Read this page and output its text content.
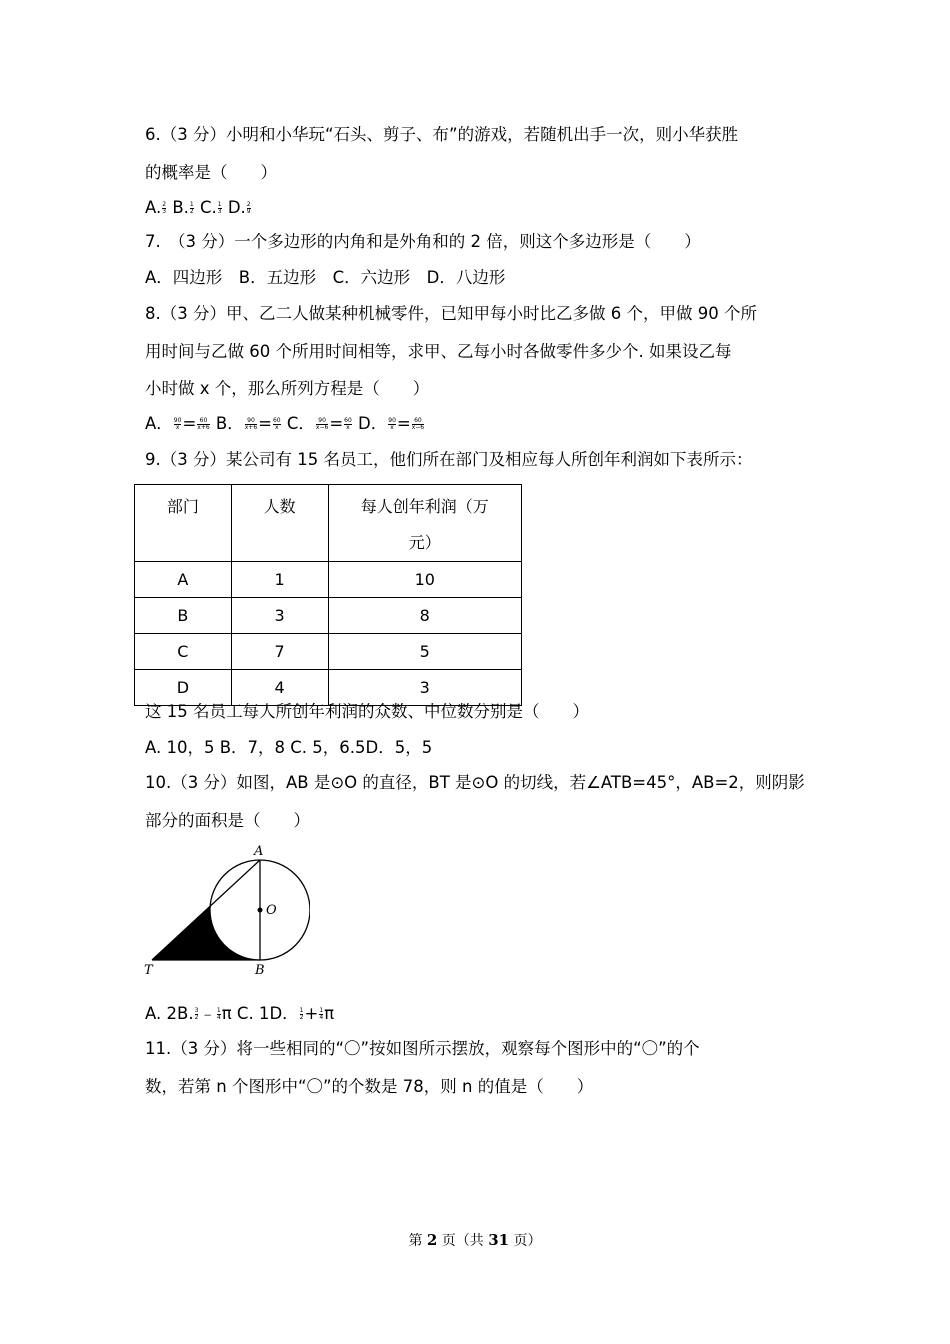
6.（3 分）小明和小华玩“石头、剪子、布”的游戏，若随机出手一次，则小华获胜
的概率是（　　）
A. $\frac{2}{3} B$. $\frac{1}{2} C$. $\frac{1}{3} D$. $\frac{2}{9}$
7.　（3 分）一个多边形的内角和是外角和的 2 倍，则这个多边形是（　　）
A．四边形　B．五边形　C．六边形　D．八边形
8.（3 分）甲、乙二人做某种机械零件，已知甲每小时比乙多做 6 个，甲做 90 个所
用时间与乙做 60 个所用时间相等，求甲、乙每小时各做零件多少个. 如果设乙每
小时做 x 个，那么所列方程是（　　）
A． $\frac{90}{x} = \frac{60}{x+6}$ B． $\frac{90}{x+6} = \frac{60}{x}$ C． $\frac{90}{x-6} = \frac{60}{x}$ D． $\frac{90}{x} = \frac{60}{x-6}$
9.（3 分）某公司有 15 名员工，他们所在部门及相应每人所创年利润如下表所示：
部门	人数	每人创年利润（万
元）
A	1	10
B	3	8
C	7	5
D	4	3
这 15 名员工每人所创年利润的众数、中位数分别是（　　）
A. 10，5 B．7，8 C. 5，6.5D．5，5
10.（3 分）如图，AB 是⊙O 的直径，BT 是⊙O 的切线，若∠ATB=45°，AB=2，则阴影
部分的面积是（　　）
A
O
B
T
A. 2B. $\frac{3}{2}$ ﹣ $\frac{1}{4}$ π C. 1D． $\frac{1}{2} + \frac{1}{4}$ π
11.（3 分）将一些相同的“〇”按如图所示摆放，观察每个图形中的“〇”的个
数，若第 n 个图形中“〇”的个数是 78，则 n 的值是（　　）
第 2 页（共 31 页）
